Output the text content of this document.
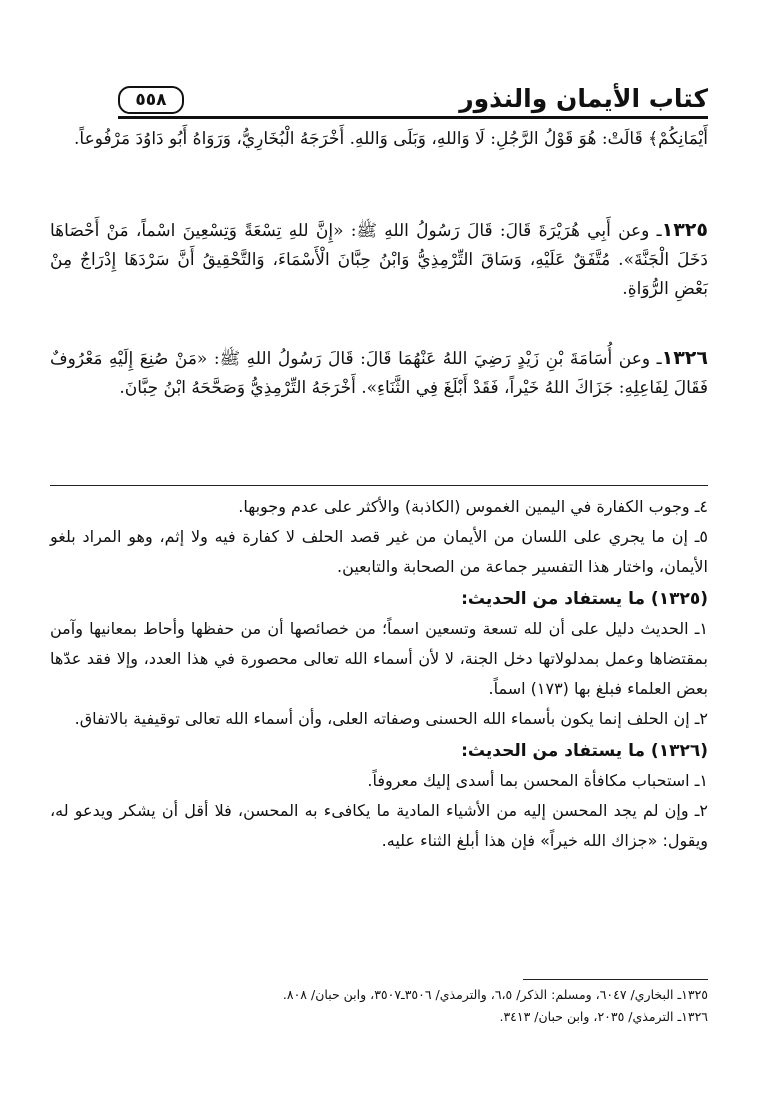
كتاب الأيمان والنذور
٥٥٨
أَيْمَانِكُمْ﴾ قَالَتْ: هُوَ قَوْلُ الرَّجُلِ: لَا وَاللهِ، وَبَلَى وَاللهِ. أَخْرَجَهُ الْبُخَارِيُّ، وَرَوَاهُ أَبُو دَاوُدَ مَرْفُوعاً.
١٣٢٥ـ وعن أَبِي هُرَيْرَةَ قَالَ: قَالَ رَسُولُ اللهِ ﷺ: «إِنَّ للهِ تِسْعَةً وَتِسْعِينَ اسْماً، مَنْ أَحْصَاهَا دَخَلَ الْجَنَّةَ». مُتَّفَقٌ عَلَيْهِ، وَسَاقَ التِّرْمِذِيُّ وَابْنُ حِبَّانَ الْأَسْمَاءَ، وَالتَّحْقِيقُ أَنَّ سَرْدَهَا إِدْرَاجٌ مِنْ بَعْضِ الرُّوَاةِ.
١٣٢٦ـ وعن أُسَامَةَ بْنِ زَيْدٍ رَضِيَ اللهُ عَنْهُمَا قَالَ: قَالَ رَسُولُ اللهِ ﷺ: «مَنْ صُنِعَ إِلَيْهِ مَعْرُوفٌ فَقَالَ لِفَاعِلِهِ: جَزَاكَ اللهُ خَيْراً، فَقَدْ أَبْلَغَ فِي الثَّنَاءِ». أَخْرَجَهُ التِّرْمِذِيُّ وَصَحَّحَهُ ابْنُ حِبَّانَ.
٤ـ وجوب الكفارة في اليمين الغموس (الكاذبة) والأكثر على عدم وجوبها.
٥ـ إن ما يجري على اللسان من الأيمان من غير قصد الحلف لا كفارة فيه ولا إثم، وهو المراد بلغو الأيمان، واختار هذا التفسير جماعة من الصحابة والتابعين.
(١٣٢٥) ما يستفاد من الحديث:
١ـ الحديث دليل على أن لله تسعة وتسعين اسماً؛ من خصائصها أن من حفظها وأحاط بمعانيها وآمن بمقتضاها وعمل بمدلولاتها دخل الجنة، لا لأن أسماء الله تعالى محصورة في هذا العدد، وإلا فقد عدّها بعض العلماء فبلغ بها (١٧٣) اسماً.
٢ـ إن الحلف إنما يكون بأسماء الله الحسنى وصفاته العلى، وأن أسماء الله تعالى توقيفية بالاتفاق.
(١٣٢٦) ما يستفاد من الحديث:
١ـ استحباب مكافأة المحسن بما أسدى إليك معروفاً.
٢ـ وإن لم يجد المحسن إليه من الأشياء المادية ما يكافىء به المحسن، فلا أقل أن يشكر ويدعو له، ويقول: «جزاك الله خيراً» فإن هذا أبلغ الثناء عليه.
١٣٢٥ـ البخاري/ ٦٠٤٧، ومسلم: الذكر/ ٦،٥، والترمذي/ ٣٥٠٦ـ٣٥٠٧، وابن حبان/ ٨٠٨.
١٣٢٦ـ الترمذي/ ٢٠٣٥، وابن حبان/ ٣٤١٣.
